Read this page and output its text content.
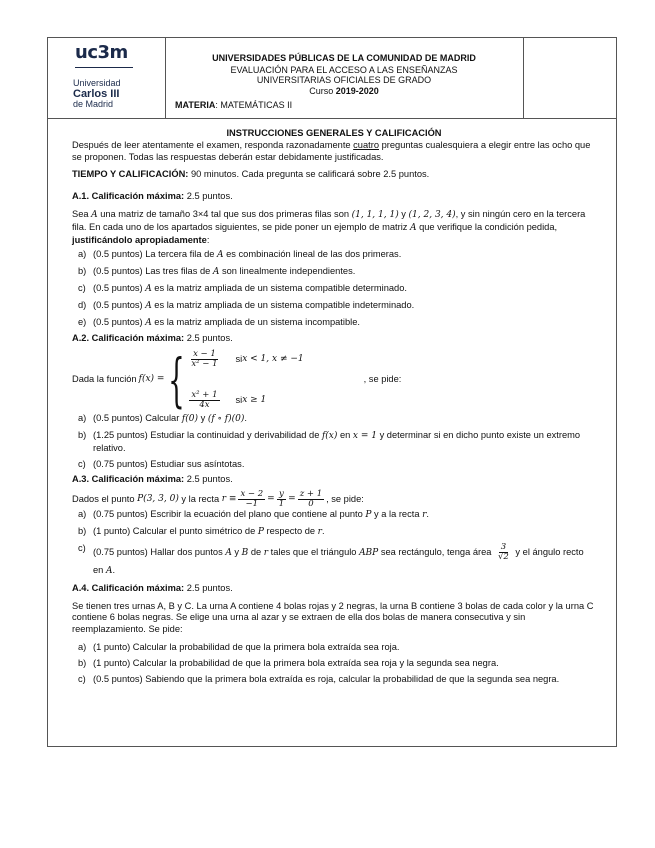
uc3m
Universidad
Carlos III
de Madrid
UNIVERSIDADES PÚBLICAS DE LA COMUNIDAD DE MADRID
EVALUACIÓN PARA EL ACCESO A LAS ENSEÑANZAS
UNIVERSITARIAS OFICIALES DE GRADO
Curso 2019-2020
MATERIA: MATEMÁTICAS II

INSTRUCCIONES GENERALES Y CALIFICACIÓN

Después de leer atentamente el examen, responda razonadamente cuatro preguntas cualesquiera a elegir entre las ocho que se proponen. Todas las respuestas deberán estar debidamente justificadas.

TIEMPO Y CALIFICACIÓN: 90 minutos. Cada pregunta se calificará sobre 2.5 puntos.

A.1. Calificación máxima: 2.5 puntos.

Sea A una matriz de tamaño 3×4 tal que sus dos primeras filas son (1, 1, 1, 1) y (1, 2, 3, 4), y sin ningún cero en la tercera fila. En cada uno de los apartados siguientes, se pide poner un ejemplo de matriz A que verifique la condición pedida, justificándolo apropiadamente:

a) (0.5 puntos) La tercera fila de A es combinación lineal de las dos primeras.
b) (0.5 puntos) Las tres filas de A son linealmente independientes.
c) (0.5 puntos) A es la matriz ampliada de un sistema compatible determinado.
d) (0.5 puntos) A es la matriz ampliada de un sistema compatible indeterminado.
e) (0.5 puntos) A es la matriz ampliada de un sistema incompatible.

A.2. Calificación máxima: 2.5 puntos.

Dada la función f(x) = { $\frac{x - 1}{\text{x² − 1}}$ si x < 1, x ≠ −1
$\frac{\text{x² + 1}}{4x}$ si x ≥ 1
, se pide:
a) (0.5 puntos) Calcular f(0) y (f ∘ f)(0).
b) (1.25 puntos) Estudiar la continuidad y derivabilidad de f(x) en x = 1 y determinar si en dicho punto existe un extremo relativo.
c) (0.75 puntos) Estudiar sus asíntotas.

A.3. Calificación máxima: 2.5 puntos.

Dados el punto P(3, 3, 0) y la recta $r \equiv \frac{x - 2}{-1} = \frac{y}{1} = \frac{z + 1}{0}$ , se pide:

a) (0.75 puntos) Escribir la ecuación del plano que contiene al punto P y a la recta r.
b) (1 punto) Calcular el punto simétrico de P respecto de r.
c) (0.75 puntos) Hallar dos puntos A y B de r tales que el triángulo ABP sea rectángulo, tenga área $\frac{3}{√2}$ y el ángulo recto en A.

A.4. Calificación máxima: 2.5 puntos.

Se tienen tres urnas A, B y C. La urna A contiene 4 bolas rojas y 2 negras, la urna B contiene 3 bolas de cada color y la urna C contiene 6 bolas negras. Se elige una urna al azar y se extraen de ella dos bolas de manera consecutiva y sin reemplazamiento. Se pide:

a) (1 punto) Calcular la probabilidad de que la primera bola extraída sea roja.
b) (1 punto) Calcular la probabilidad de que la primera bola extraída sea roja y la segunda sea negra.
c) (0.5 puntos) Sabiendo que la primera bola extraída es roja, calcular la probabilidad de que la segunda sea negra.
